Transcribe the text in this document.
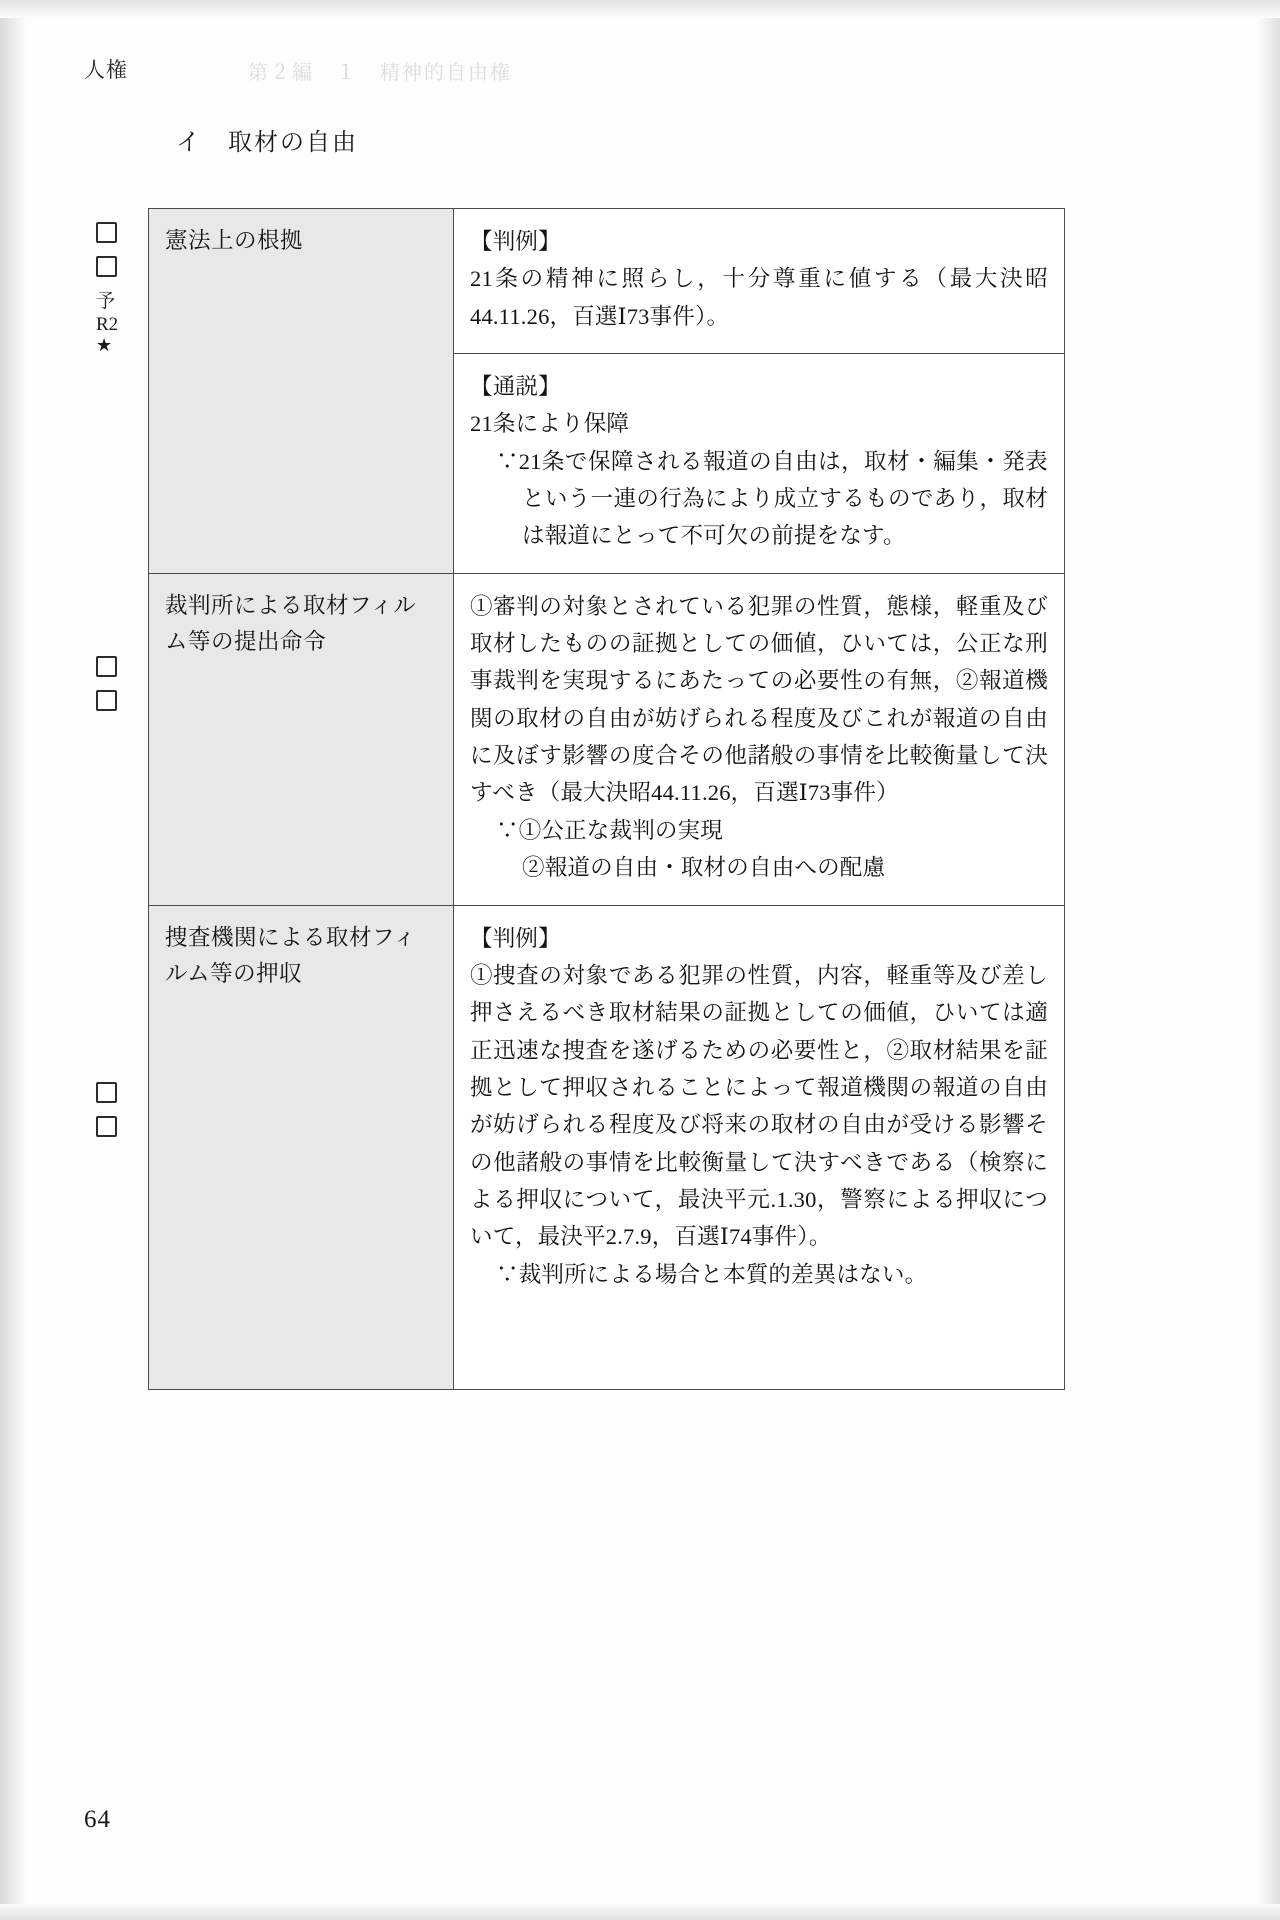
人権	第２編　１　精神的自由権
イ 取材の自由
予
R2
★
憲法上の根拠	【判例】
21条の精神に照らし，十分尊重に値する（最大決昭44.11.26，百選Ⅰ73事件）。

	【通説】
21条により保障
∵21条で保障される報道の自由は，取材・編集・発表という一連の行為により成立するものであり，取材は報道にとって不可欠の前提をなす。

裁判所による取材フィルム等の提出命令	①審判の対象とされている犯罪の性質，態様，軽重及び取材したものの証拠としての価値，ひいては，公正な刑事裁判を実現するにあたっての必要性の有無，②報道機関の取材の自由が妨げられる程度及びこれが報道の自由に及ぼす影響の度合その他諸般の事情を比較衡量して決すべき（最大決昭44.11.26，百選Ⅰ73事件）
∵①公正な裁判の実現
②報道の自由・取材の自由への配慮

捜査機関による取材フィルム等の押収	【判例】
①捜査の対象である犯罪の性質，内容，軽重等及び差し押さえるべき取材結果の証拠としての価値，ひいては適正迅速な捜査を遂げるための必要性と，②取材結果を証拠として押収されることによって報道機関の報道の自由が妨げられる程度及び将来の取材の自由が受ける影響その他諸般の事情を比較衡量して決すべきである（検察による押収について，最決平元.1.30，警察による押収について，最決平2.7.9，百選Ⅰ74事件）。
∵裁判所による場合と本質的差異はない。
64
